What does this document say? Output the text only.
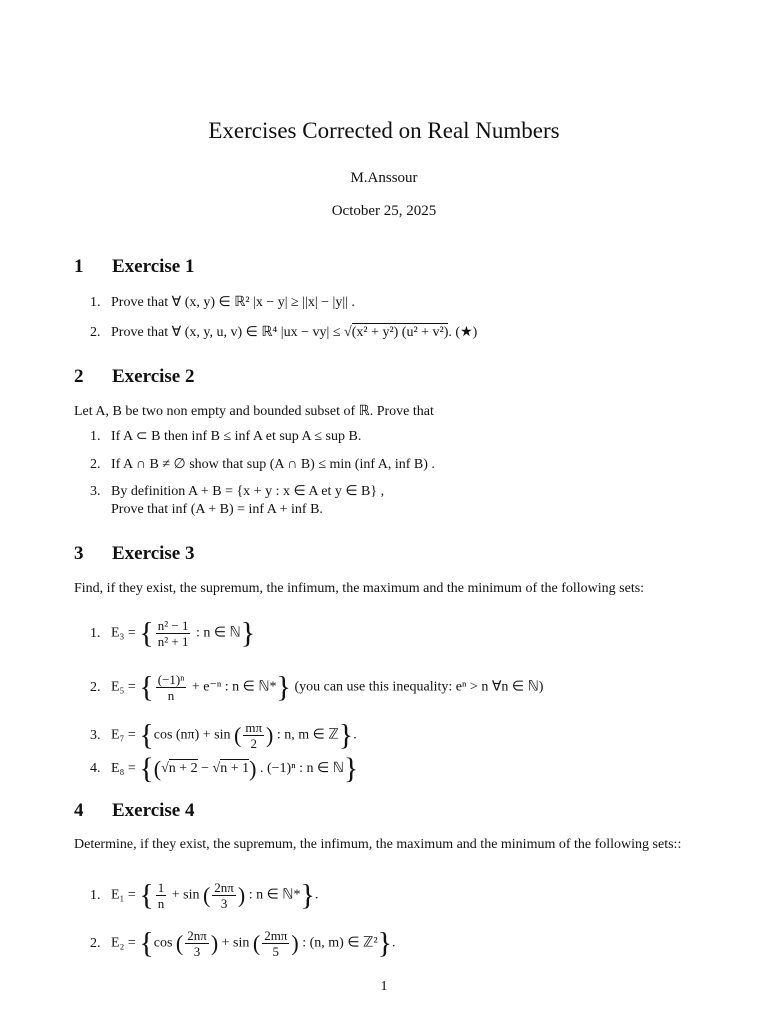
Exercises Corrected on Real Numbers
M.Anssour
October 25, 2025
1 Exercise 1
1. Prove that ∀ (x, y) ∈ ℝ² |x − y| ≥ ||x| − |y|| .
2. Prove that ∀ (x, y, u, v) ∈ ℝ⁴ |ux − vy| ≤ √(x² + y²) (u² + v²). (★)
2 Exercise 2
Let A, B be two non empty and bounded subset of ℝ. Prove that
1. If A ⊂ B then inf B ≤ inf A et sup A ≤ sup B.
2. If A ∩ B ≠ ∅ show that sup (A ∩ B) ≤ min (inf A, inf B) .
3. By definition A + B = {x + y : x ∈ A et y ∈ B} ,
Prove that inf (A + B) = inf A + inf B.
3 Exercise 3
Find, if they exist, the supremum, the infimum, the maximum and the minimum of the following sets:
1. E₃ = { $\frac{\text{n² − 1}}{\text{n² + 1}}$ : n ∈ ℕ}
2. E₅ = { $\frac{\text{(−1)ⁿ}}{n} + e^{-n}$ : n ∈ ℕ*} (you can use this inequality: eⁿ > n ∀n ∈ ℕ)
3. E₇ = {cos (nπ) + sin ( $\frac{m\pi}{2}$ ) : n, m ∈ ℤ}.
4. E₈ = {(√n + 2 − √n + 1) . (−1)ⁿ : n ∈ ℕ}
4 Exercise 4
Determine, if they exist, the supremum, the infimum, the maximum and the minimum of the following sets::
1. E₁ = { $\frac{1}{n} + \sin$ ( $\frac{2n\pi}{3}$ ) : n ∈ ℕ*}.
2. E₂ = {cos ( $\frac{2n\pi}{3}$ ) + sin ( $\frac{2m\pi}{5}$ ) : (n, m) ∈ ℤ²}.
1
